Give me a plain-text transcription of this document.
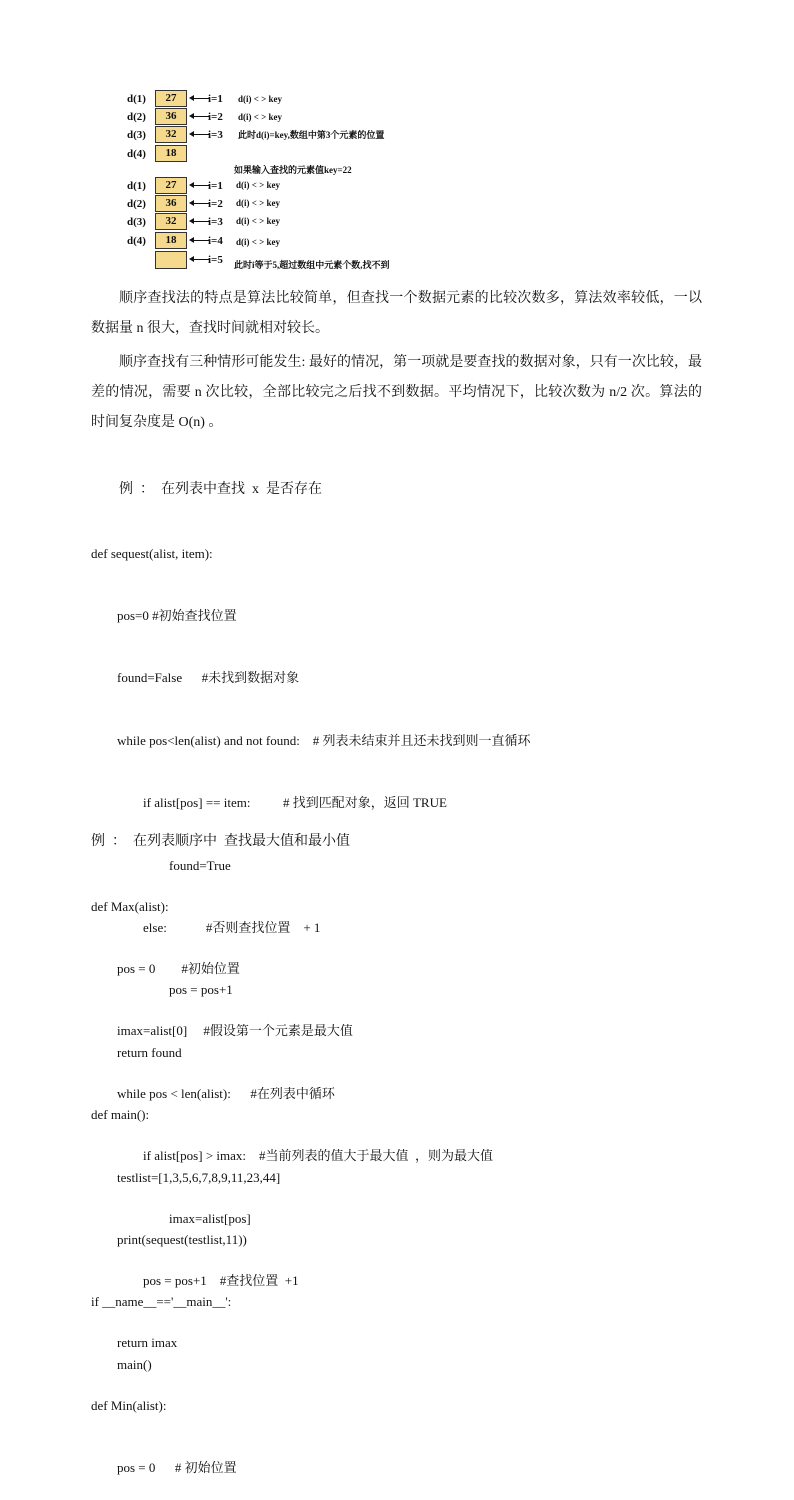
d(1)
d(2)
d(3)
d(4)
27
36
32
18
i=1
i=2
i=3
d(i) < > key
d(i) < > key
此时d(i)=key,数组中第3个元素的位置
如果输入查找的元素值key=22
d(1)
d(2)
d(3)
d(4)
27
36
32
18
i=1
i=2
i=3
i=4
i=5
d(i) < > key
d(i) < > key
d(i) < > key
d(i) < > key
此时i等于5,超过数组中元素个数,找不到
顺序查找法的特点是算法比较简单，但查找一个数据元素的比较次数多，算法效率较低，一以数据量 n 很大，查找时间就相对较长。
顺序查找有三种情形可能发生: 最好的情况，第一项就是要查找的数据对象，只有一次比较，最差的情况，需要 n 次比较，全部比较完之后找不到数据。平均情况下，比较次数为 n/2 次。算法的时间复杂度是 O(n) 。
例  ：  在列表中查找  x  是否存在

def sequest(alist, item):

pos=0 #初始查找位置

found=False      #未找到数据对象

while pos<len(alist) and not found:    # 列表未结束并且还未找到则一直循环

if alist[pos] == item:          # 找到匹配对象，返回 TRUE

found=True

else:            #否则查找位置    + 1

pos = pos+1

return found

def main():

testlist=[1,3,5,6,7,8,9,11,23,44]

print(sequest(testlist,11))

if __name__=='__main__':

main()

例  ：  在列表顺序中  查找最大值和最小值

def Max(alist):

pos = 0        #初始位置

imax=alist[0]     #假设第一个元素是最大值

while pos < len(alist):      #在列表中循环

if alist[pos] > imax:    #当前列表的值大于最大值  ，则为最大值

imax=alist[pos]

pos = pos+1    #查找位置  +1

return imax

def Min(alist):

pos = 0      # 初始位置
